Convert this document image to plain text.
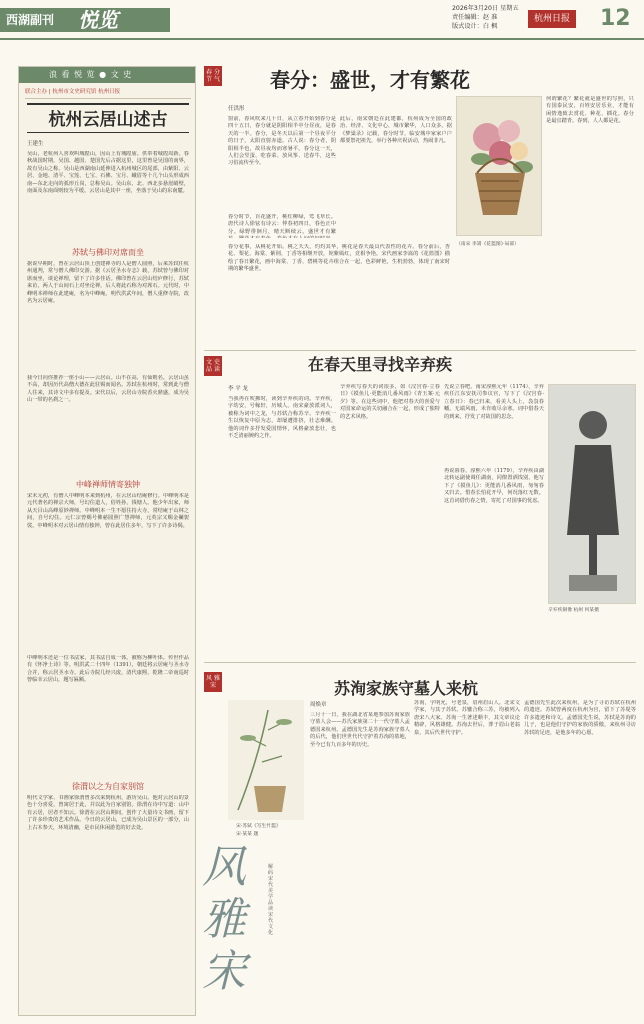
西湖副刊 悦览	2026年3月20日 星期五
责任编辑：赵 准
版式设计：白 枫
杭州日报 12
浪 看 悦 览 ● 文 史
联合主办 | 杭州市文史研究馆 杭州日报
杭州云居山述古
王建生
吴山，老杭州人喜欢叫城隍山，因山上有城隍庙。供奉着城隍周新。春秋战国时期，吴国、越国、楚国先后占据这里，这里曾是吴国的南界，故有吴山之称。吴山是西湖南山延伸进入杭州城区的尾部，由紫阳、云居、金地、清平、宝莲、七宝、石佛、宝月、蛾眉等十几个山头形成西南—东北走向的弧形丘岗，总称吴山。吴山东、北、西北多悬崖峭壁，南面及东南面则较为平缓。云居山是其中一座，坐落于吴山的东南麓。
苏轼与佛印对席而坐
据说早期时，曾在云居山顶上创建禅寺的人是僧人圆照，后来苏轼任杭州通判，常与僧人佛印交游。据《云居圣水寺志》载，苏轼曾与佛印对席而坐，谈论禅理，留下了许多佳话。佛印曾在云居山结庐修行，苏轼来访，两人于山间石上对坐论禅，后人将此石称为对席石。元代时，中峰明本禅师在此建庵，名为中峰庵。明代洪武年间，僧人重修寺院，改名为云居庵。
我今日向你推荐一座小山——云居山。山不在高，有仙则名。云居山虽不高，却因历代高僧大德在此驻锡而闻名。苏轼在杭州时，常到此与僧人往来，其诗文中多有提及。宋代以后，云居山寺院香火鼎盛，成为吴山一带的名刹之一。
中峰禅师情寄独钟
宋末元初，有僧人中峰明本来到杭州，在云居山结庵修行。中峰明本是元代著名的禅宗大师，号幻住道人，俗姓孙，钱塘人。他少年出家，师从天目山高峰原妙禅师。中峰明本一生不愿住持大寺，常结庵于山林之间，自号幻住。元仁宗曾赐号佛慈圆照广慧禅师，元英宗又赐金襕袈裟。中峰明本对云居山情有独钟，曾在此居住多年，写下了许多诗偈。
中峰明本还是一位书法家，其书法自成一体，被称为柳叶体。传世作品有《怀净土诗》等。明洪武二十四年（1391），朝廷将云居庵与圣水寺合并，称云居圣水寺。此后寺院几经兴废，清代康熙、乾隆二帝南巡时曾临幸云居山，题写匾额。
徐渭以之为自家别馆
明代文学家、书画家徐渭曾多次来到杭州，游历吴山。他对云居山的景色十分喜爱，曾寓居于此，并以此为自家别馆。徐渭在诗中写道：山中有云居，居者不知云。徐渭在云居山期间，创作了大量诗文书画，留下了许多珍贵的艺术作品。今日的云居山，已成为吴山景区的一部分，山上古木参天，环境清幽，是市民休闲游览的好去处。
春 分 节 气	春分：盛世，才有繁花
任洪彤
窗前，春风吹来几十日，从立春开始到春分是四十五日，春分就是阴阳相半中分昼夜，是春天的一半。春分，是冬天以后第一个昼夜平分的日子，太阳直射赤道。古人说：春分者，阴阳相半也，故昼夜均而寒暑平。春分这一天，人们会竖蛋、吃春菜、放风筝、送春牛，这些习俗流传至今。
春分时节，百花盛开，桃红柳绿，莺飞草长。唐代诗人徐铉有诗云：仲春初四日，春色正中分。绿野徘徊月，晴天断续云。盛世才有繁
此后，南宋朝廷在此建都，杭州成为全国的政治、经济、文化中心，城市繁华，人口众多。据《梦粱录》记载，春分时节，临安城中家家户户都要祭祀祖先，举行各种庆祝活动，热闹非凡。
（南宋 李嵩《花篮图》·局部）
春分花事，从桃花开始。桃之夭夭，灼灼其华，桃花是春天最具代表性的花卉。春分前后，杏花、梨花、海棠、紫荆、丁香等相继开放，姹紫嫣红，竞相争艳。宋代画家李嵩的《花篮图》描绘了春日繁花，画中海棠、丁香、碧桃等花卉组合在一起，色彩鲜艳，生机勃勃，体现了南宋时期的繁华盛世。
何谓繁花？繁花就是盛世的写照，只有国泰民安，百姓安居乐业，才能有闲情逸致去赏花、种花、插花。春分是最宜踏青。春到，人人都是花。
文 史 品 读	在春天里寻找辛弃疾
李 平 龙
当我再在吹拂时，读到辛弃疾的词。辛弃疾，字幼安，号稼轩，历城人。南宋豪放派词人，被称为词中之龙，与苏轼合称苏辛。辛弃疾一生以恢复中原为志，却屡遭排挤，壮志难酬。他的词作多抒发爱国情怀，风格豪放悲壮，也不乏清丽婉约之作。
辛弃疾写春天的词很多，如《汉宫春·立春日》《摸鱼儿·更能消几番风雨》《青玉案·元夕》等。在这些词中，他把对春天的喜爱与对国家命运的关切融合在一起，形成了独特的艺术风格。
先说立春吧。南宋淳熙元年（1174），辛弃疾任江东安抚司参议官，写下了《汉宫春·立春日》：春已归来，看美人头上，袅袅春幡。无端风雨，未肯收尽余寒。词中借春天的到来，抒发了对故国的思念。
辛弃疾铜像 杭州 何某摄
再说暮春。淳熙六年（1179），辛弃疾由湖北转运副使调任湖南，同僚置酒饯别，他写下了《摸鱼儿》：更能消几番风雨，匆匆春又归去。惜春长怕花开早，何况落红无数。这首词借伤春之情，寄托了对国事的忧虑。
风 雅 宋	苏洵家族守墓人来杭
宋·苏轼《写生竹篮》
宋·某某 题
风雅宋
解码宋代美学 品读宋代文化
周焕章
三月十一日，我在湖北省某地参加苏洵家族守墓人会——苏氏家族第二十一代守墓人孟德国来杭州。孟德国先生是苏洵家族守墓人的后代，他们世世代代守护着苏洵的墓地，至今已有九百多年的历史。
苏洵，字明允，号老泉，眉州眉山人。北宋文学家，与其子苏轼、苏辙合称三苏，均被列入唐宋八大家。苏洵一生著述颇丰，其文章议论精辟，风格雄健。苏洵去世后，葬于眉山老翁泉，其后代世代守护。
孟德国先生此次来杭州，是为了寻访苏轼在杭州的遗迹。苏轼曾两度在杭州为官，留下了苏堤等许多遗迹和诗文。孟德国先生说，苏轼是苏洵的儿子，也是他们守护的家族的骄傲，来杭州寻访苏轼的足迹，是他多年的心愿。
